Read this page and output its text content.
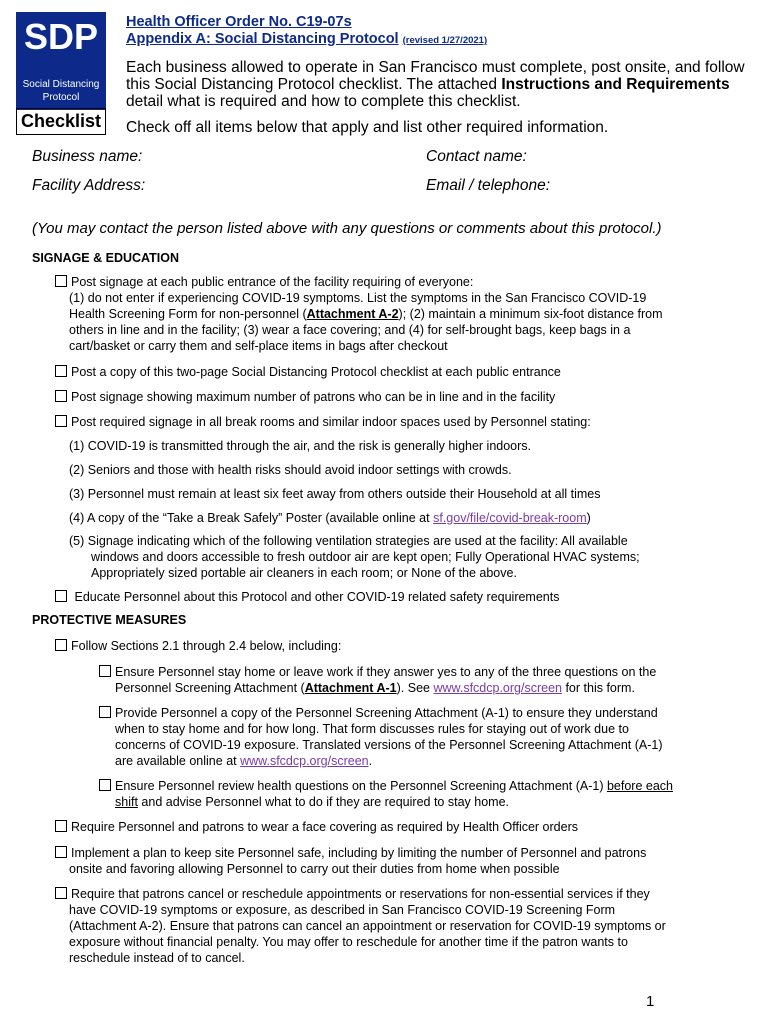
SDP
Social Distancing
Protocol
Checklist
Health Officer Order No. C19-07s
Appendix A: Social Distancing Protocol (revised 1/27/2021)
Each business allowed to operate in San Francisco must complete, post onsite, and follow this Social Distancing Protocol checklist. The attached Instructions and Requirements detail what is required and how to complete this checklist.
Check off all items below that apply and list other required information.
Business name:	Contact name:
Facility Address:	Email / telephone:
(You may contact the person listed above with any questions or comments about this protocol.)
SIGNAGE & EDUCATION
Post signage at each public entrance of the facility requiring of everyone:
(1) do not enter if experiencing COVID-19 symptoms. List the symptoms in the San Francisco COVID-19
Health Screening Form for non-personnel (Attachment A-2); (2) maintain a minimum six-foot distance from
others in line and in the facility; (3) wear a face covering; and (4) for self-brought bags, keep bags in a
cart/basket or carry them and self-place items in bags after checkout
Post a copy of this two-page Social Distancing Protocol checklist at each public entrance
Post signage showing maximum number of patrons who can be in line and in the facility
Post required signage in all break rooms and similar indoor spaces used by Personnel stating:
(1) COVID-19 is transmitted through the air, and the risk is generally higher indoors.
(2) Seniors and those with health risks should avoid indoor settings with crowds.
(3) Personnel must remain at least six feet away from others outside their Household at all times
(4) A copy of the “Take a Break Safely” Poster (available online at sf.gov/file/covid-break-room)
(5) Signage indicating which of the following ventilation strategies are used at the facility: All available
windows and doors accessible to fresh outdoor air are kept open; Fully Operational HVAC systems;
Appropriately sized portable air cleaners in each room; or None of the above.
Educate Personnel about this Protocol and other COVID-19 related safety requirements
PROTECTIVE MEASURES
Follow Sections 2.1 through 2.4 below, including:
Ensure Personnel stay home or leave work if they answer yes to any of the three questions on the
Personnel Screening Attachment (Attachment A-1). See www.sfcdcp.org/screen for this form.
Provide Personnel a copy of the Personnel Screening Attachment (A-1) to ensure they understand
when to stay home and for how long. That form discusses rules for staying out of work due to
concerns of COVID-19 exposure. Translated versions of the Personnel Screening Attachment (A-1)
are available online at www.sfcdcp.org/screen.
Ensure Personnel review health questions on the Personnel Screening Attachment (A-1) before each
shift and advise Personnel what to do if they are required to stay home.
Require Personnel and patrons to wear a face covering as required by Health Officer orders
Implement a plan to keep site Personnel safe, including by limiting the number of Personnel and patrons
onsite and favoring allowing Personnel to carry out their duties from home when possible
Require that patrons cancel or reschedule appointments or reservations for non-essential services if they
have COVID-19 symptoms or exposure, as described in San Francisco COVID-19 Screening Form
(Attachment A-2). Ensure that patrons can cancel an appointment or reservation for COVID-19 symptoms or
exposure without financial penalty. You may offer to reschedule for another time if the patron wants to
reschedule instead of to cancel.
1
